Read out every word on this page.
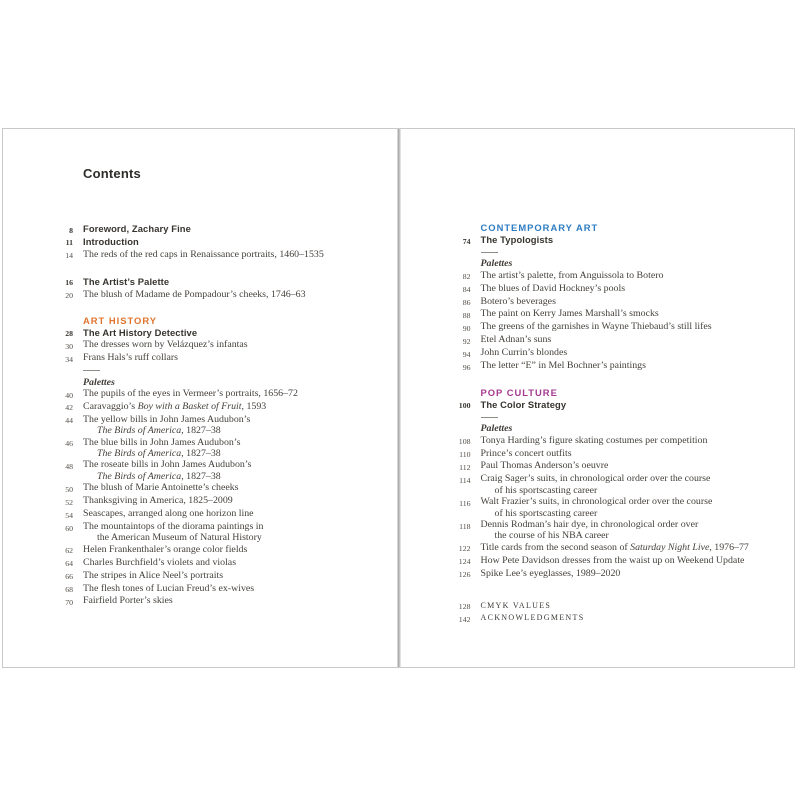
Contents
8 Foreword, Zachary Fine
11 Introduction
14 The reds of the red caps in Renaissance portraits, 1460–1535
16 The Artist’s Palette
20 The blush of Madame de Pompadour’s cheeks, 1746–63
ART HISTORY
28 The Art History Detective
30 The dresses worn by Velázquez’s infantas
34 Frans Hals’s ruff collars
Palettes
40 The pupils of the eyes in Vermeer’s portraits, 1656–72
42 Caravaggio’s Boy with a Basket of Fruit, 1593
44 The yellow bills in John James Audubon’s
The Birds of America, 1827–38
46 The blue bills in John James Audubon’s
The Birds of America, 1827–38
48 The roseate bills in John James Audubon’s
The Birds of America, 1827–38
50 The blush of Marie Antoinette’s cheeks
52 Thanksgiving in America, 1825–2009
54 Seascapes, arranged along one horizon line
60 The mountaintops of the diorama paintings in
the American Museum of Natural History
62 Helen Frankenthaler’s orange color fields
64 Charles Burchfield’s violets and violas
66 The stripes in Alice Neel’s portraits
68 The flesh tones of Lucian Freud’s ex-wives
70 Fairfield Porter’s skies
CONTEMPORARY ART
74 The Typologists
Palettes
82 The artist’s palette, from Anguissola to Botero
84 The blues of David Hockney’s pools
86 Botero’s beverages
88 The paint on Kerry James Marshall’s smocks
90 The greens of the garnishes in Wayne Thiebaud’s still lifes
92 Etel Adnan’s suns
94 John Currin’s blondes
96 The letter “E” in Mel Bochner’s paintings
POP CULTURE
100 The Color Strategy
Palettes
108 Tonya Harding’s figure skating costumes per competition
110 Prince’s concert outfits
112 Paul Thomas Anderson’s oeuvre
114 Craig Sager’s suits, in chronological order over the course
of his sportscasting career
116 Walt Frazier’s suits, in chronological order over the course
of his sportscasting career
118 Dennis Rodman’s hair dye, in chronological order over
the course of his NBA career
122 Title cards from the second season of Saturday Night Live, 1976–77
124 How Pete Davidson dresses from the waist up on Weekend Update
126 Spike Lee’s eyeglasses, 1989–2020
128 CMYK VALUES
142 ACKNOWLEDGMENTS
